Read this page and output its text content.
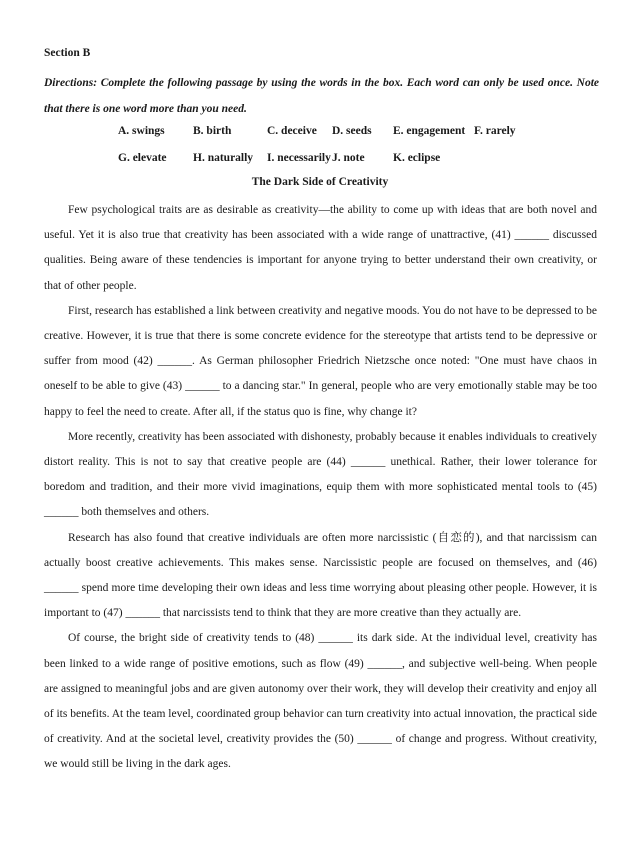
Section B
Directions: Complete the following passage by using the words in the box. Each word can only be used once. Note that there is one word more than you need.
A. swings B. birth	C. deceive D. seeds E. engagement F. rarely
G. elevate H. naturally I. necessarily J. note K. eclipse
The Dark Side of Creativity

Few psychological traits are as desirable as creativity—the ability to come up with ideas that are both novel and useful. Yet it is also true that creativity has been associated with a wide range of unattractive, (41) ______ discussed qualities. Being aware of these tendencies is important for anyone trying to better understand their own creativity, or that of other people.

First, research has established a link between creativity and negative moods. You do not have to be depressed to be creative. However, it is true that there is some concrete evidence for the stereotype that artists tend to be depressive or suffer from mood (42) ______. As German philosopher Friedrich Nietzsche once noted: "One must have chaos in oneself to be able to give (43) ______ to a dancing star." In general, people who are very emotionally stable may be too happy to feel the need to create. After all, if the status quo is fine, why change it?

More recently, creativity has been associated with dishonesty, probably because it enables individuals to creatively distort reality. This is not to say that creative people are (44) ______ unethical. Rather, their lower tolerance for boredom and tradition, and their more vivid imaginations, equip them with more sophisticated mental tools to (45) ______ both themselves and others.

Research has also found that creative individuals are often more narcissistic (自恋的), and that narcissism can actually boost creative achievements. This makes sense. Narcissistic people are focused on themselves, and (46) ______ spend more time developing their own ideas and less time worrying about pleasing other people. However, it is important to (47) ______ that narcissists tend to think that they are more creative than they actually are.

Of course, the bright side of creativity tends to (48) ______ its dark side. At the individual level, creativity has been linked to a wide range of positive emotions, such as flow (49) ______, and subjective well-being. When people are assigned to meaningful jobs and are given autonomy over their work, they will develop their creativity and enjoy all of its benefits. At the team level, coordinated group behavior can turn creativity into actual innovation, the practical side of creativity. And at the societal level, creativity provides the (50) ______ of change and progress. Without creativity, we would still be living in the dark ages.
